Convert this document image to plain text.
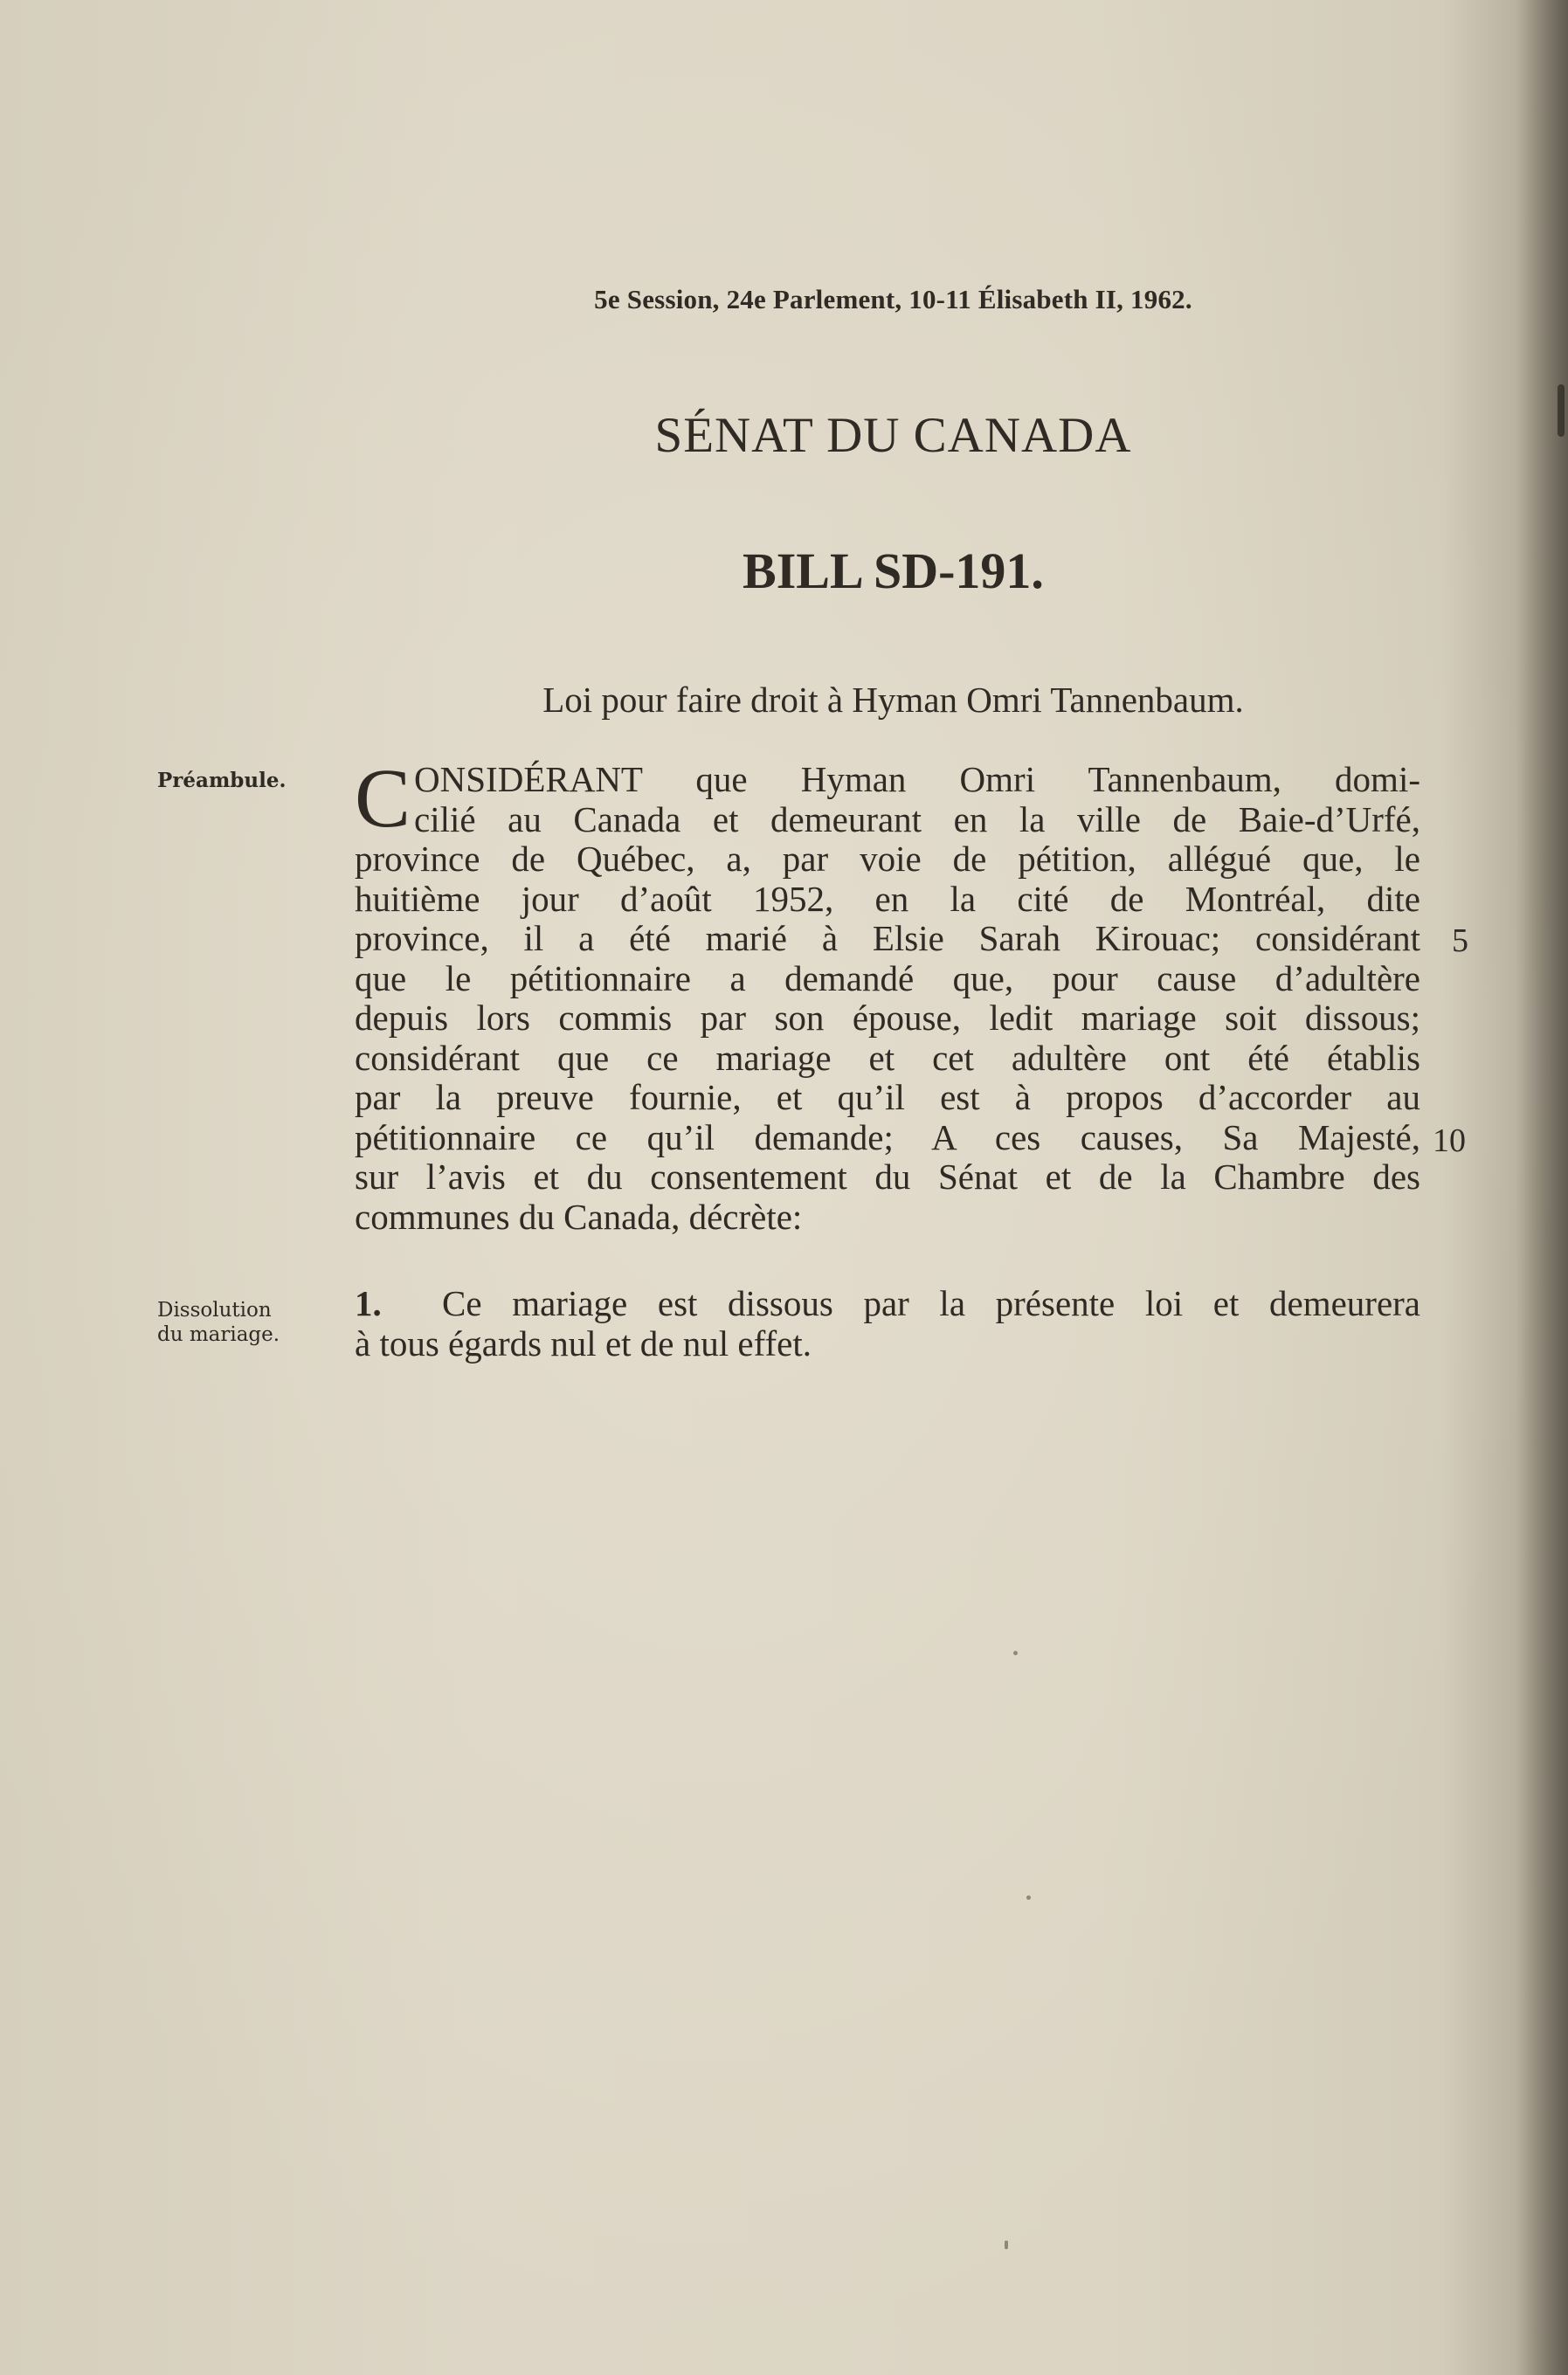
5e Session, 24e Parlement, 10-11 Élisabeth II, 1962.
SÉNAT DU CANADA
BILL SD-191.
Loi pour faire droit à Hyman Omri Tannenbaum.
Préambule.
Dissolution
du mariage.
C ONSIDÉRANT que Hyman Omri Tannenbaum, domi-
cilié au Canada et demeurant en la ville de Baie-d’Urfé,
province de Québec, a, par voie de pétition, allégué que, le
huitième jour d’août 1952, en la cité de Montréal, dite
province, il a été marié à Elsie Sarah Kirouac; considérant
que le pétitionnaire a demandé que, pour cause d’adultère
depuis lors commis par son épouse, ledit mariage soit dissous;
considérant que ce mariage et cet adultère ont été établis
par la preuve fournie, et qu’il est à propos d’accorder au
pétitionnaire ce qu’il demande; A ces causes, Sa Majesté,
sur l’avis et du consentement du Sénat et de la Chambre des
communes du Canada, décrète:
5
10
1. Ce mariage est dissous par la présente loi et demeurera
à tous égards nul et de nul effet.
